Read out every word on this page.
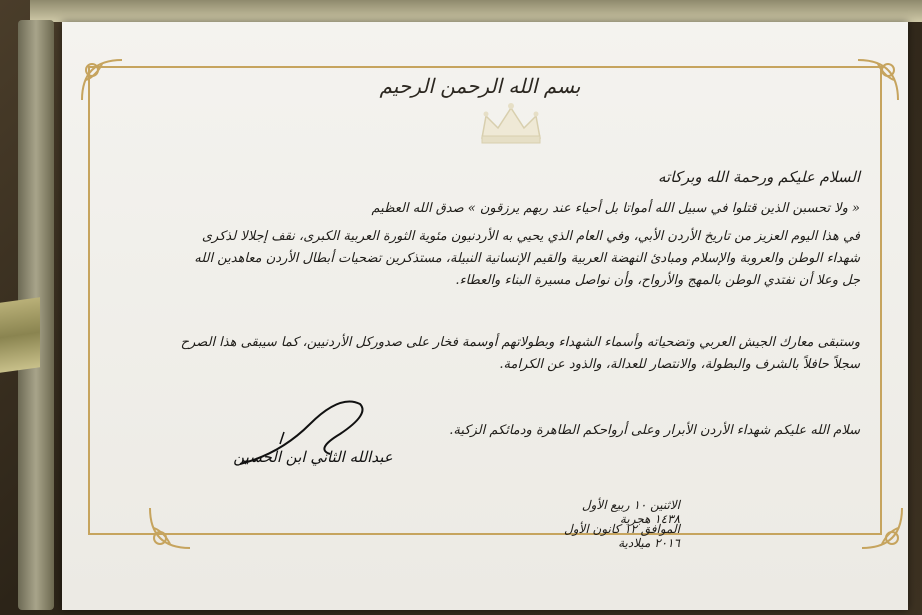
بسم الله الرحمن الرحيم
السلام عليكم ورحمة الله وبركاته
« ولا تحسبن الذين قتلوا في سبيل الله أمواتا بل أحياء عند ربهم يرزقون » صدق الله العظيم
في هذا اليوم العزيز من تاريخ الأردن الأبي، وفي العام الذي يحيي به الأردنيون مئوية الثورة العربية الكبرى، نقف إجلالا لذكرى شهداء الوطن والعروبة والإسلام ومبادئ النهضة العربية والقيم الإنسانية النبيلة، مستذكرين تضحيات أبطال الأردن معاهدين الله جل وعلا أن نفتدي الوطن بالمهج والأرواح، وأن نواصل مسيرة البناء والعطاء.
وستبقى معارك الجيش العربي وتضحياته وأسماء الشهداء وبطولاتهم أوسمة فخار على صدوركل الأردنيين، كما سيبقى هذا الصرح سجلاً حافلاً بالشرف والبطولة، والانتصار للعدالة، والذود عن الكرامة.
سلام الله عليكم شهداء الأردن الأبرار وعلى أرواحكم الطاهرة ودمائكم الزكية.
الاثنين ١٠ ربيع الأول ١٤٣٨ هجرية
الموافق ١٢ كانون الأول ٢٠١٦ ميلادية
عبدالله الثاني ابن الحسين
